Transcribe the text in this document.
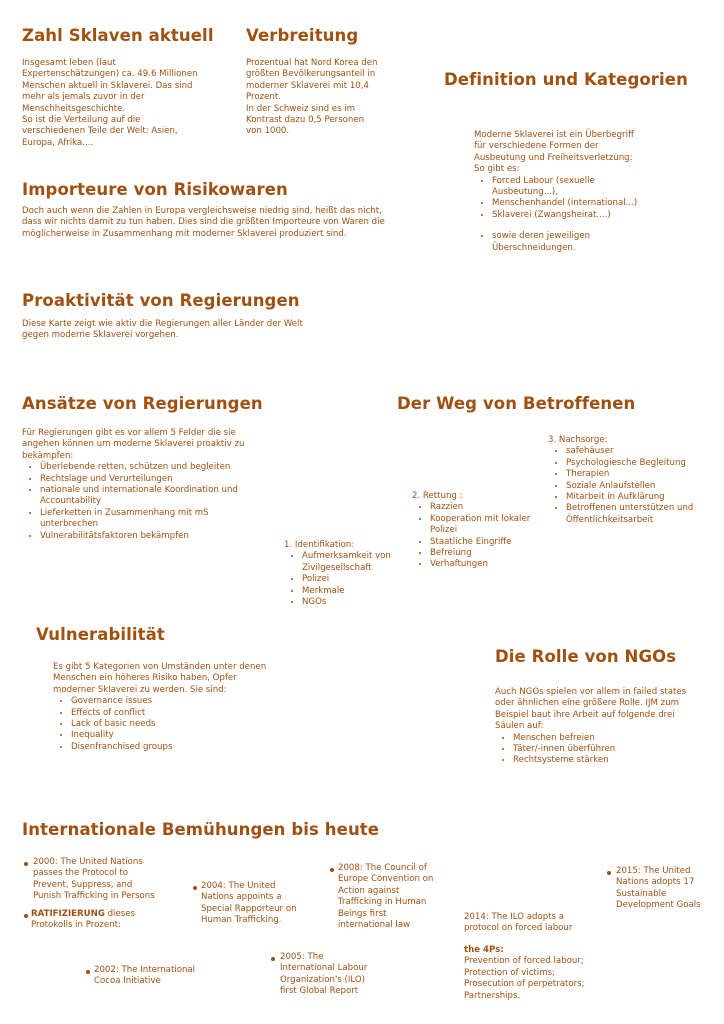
Zahl Sklaven aktuell

Insgesamt leben (laut

Expertenschätzungen) ca. 49.6 Millionen

Menschen aktuell in Sklaverei. Das sind

mehr als jemals zuvor in der

Menschheitsgeschichte.

So ist die Verteilung auf die

verschiedenen Teile der Welt: Asien,

Europa, Afrika....

Verbreitung

Prozentual hat Nord Korea den

größten Bevölkerungsanteil in

moderner Sklaverei mit 10,4

Prozent.

In der Schweiz sind es im

Kontrast dazu 0,5 Personen

von 1000.

Definition und Kategorien

Moderne Sklaverei ist ein Überbegriff

für verschiedene Formen der

Ausbeutung und Freiheitsverletzung:

So gibt es:

• Forced Labour (sexuelle Ausbeutung...),
• Menschenhandel (international...)
• Sklaverei (Zwangsheirat....)
• sowie deren jeweiligen Überschneidungen.
Importeure von Risikowaren

Doch auch wenn die Zahlen in Europa vergleichsweise niedrig sind, heißt das nicht,

dass wir nichts damit zu tun haben. Dies sind die größten Importeure von Waren die

möglicherweise in Zusammenhang mit moderner Sklaverei produziert sind.

Proaktivität von Regierungen

Diese Karte zeigt wie aktiv die Regierungen aller Länder der Welt

gegen moderne Sklaverei vorgehen.

Ansätze von Regierungen

Für Regierungen gibt es vor allem 5 Felder die sie

angehen können um moderne Sklaverei proaktiv zu

bekämpfen:

• Überlebende retten, schützen und begleiten
• Rechtslage und Verurteilungen
• nationale und internationale Koordination und Accountability
• Lieferketten in Zusammenhang mit mS unterbrechen
• Vulnerabilitätsfaktoren bekämpfen
Der Weg von Betroffenen

1. Identifikation:

• Aufmerksamkeit von Zivilgesellschaft
• Polizei
• Merkmale
• NGOs

2. Rettung :

• Razzien
• Kooperation mit lokaler Polizei
• Staatliche Eingriffe
• Befreiung
• Verhaftungen

3. Nachsorge:

• safehäuser
• Psychologiesche Begleitung
• Therapien
• Soziale Anlaufstellen
• Mitarbeit in Aufklärung
• Betroffenen unterstützen und Öffentlichkeitsarbeit
Vulnerabilität

Es gibt 5 Kategorien von Umständen unter denen

Menschen ein höheres Risiko haben, Opfer

moderner Sklaverei zu werden. Sie sind:

• Governance issues
• Effects of conflict
• Lack of basic needs
• Inequality
• Disenfranchised groups
Die Rolle von NGOs

Auch NGOs spielen vor allem in failed states

oder ähnlichen eine größere Rolle. IJM zum

Beispiel baut ihre Arbeit auf folgende drei

Säulen auf:

• Menschen befreien
• Täter/-innen überführen
• Rechtsysteme stärken
Internationale Bemühungen bis heute

2000: The United Nations

passes the Protocol to

Prevent, Suppress, and

Punish Trafficking in Persons

RATIFIZIERUNG dieses

Protokolls in Prozent:

2002: The International

Cocoa Initiative

2004: The United

Nations appoints a

Special Rapporteur on

Human Trafficking.

2005: The

International Labour

Organization's (ILO)

first Global Report

2008: The Council of

Europe Convention on

Action against

Trafficking in Human

Beings first

international law

2014: The ILO adopts a

protocol on forced labour

the 4Ps:

Prevention of forced labour;

Protection of victims;

Prosecution of perpetrators;

Partnerships.

2015: The United

Nations adopts 17

Sustainable

Development Goals
